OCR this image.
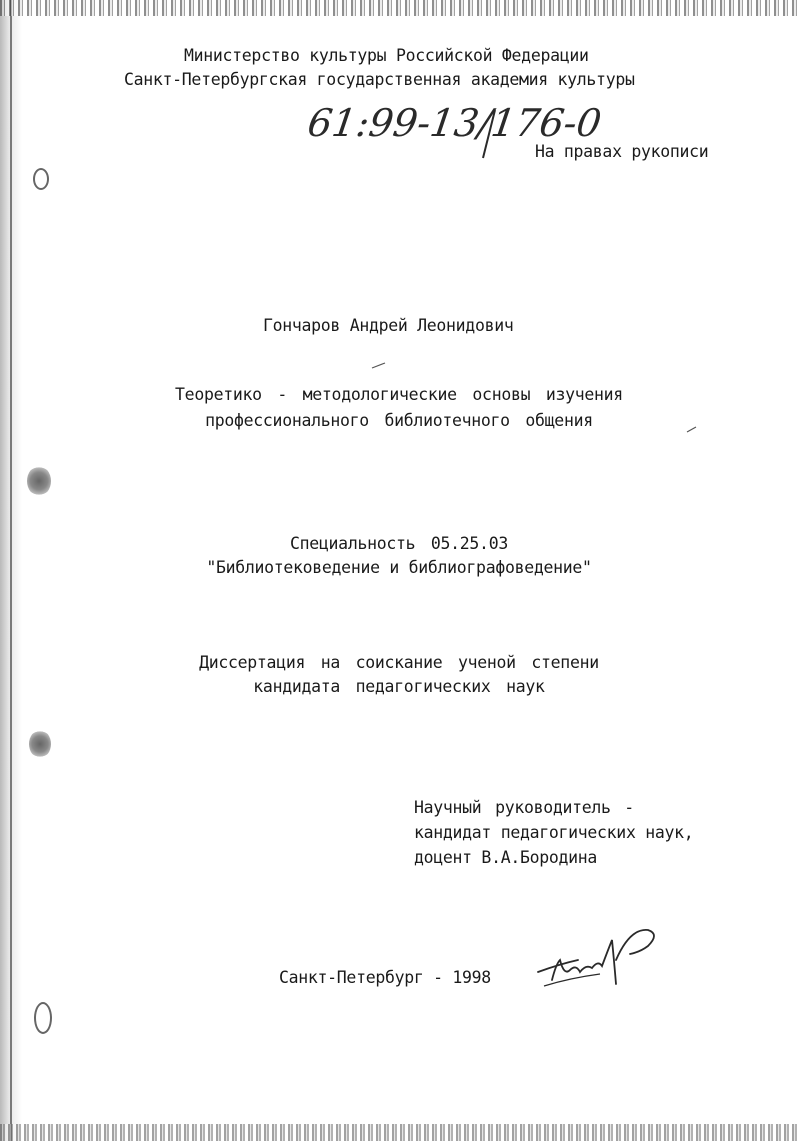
Министерство культуры Российской Федерации
Санкт-Петербургская государственная академия культуры
61:99-13/176-0
На правах рукописи
Гончаров Андрей Леонидович
Теоретико - методологические основы изучения
профессионального библиотечного общения
Специальность 05.25.03
"Библиотековедение и библиографоведение"
Диссертация на соискание ученой степени
кандидата педагогических наук
Научный руководитель -
кандидат педагогических наук,
доцент В.А.Бородина
Санкт-Петербург - 1998
